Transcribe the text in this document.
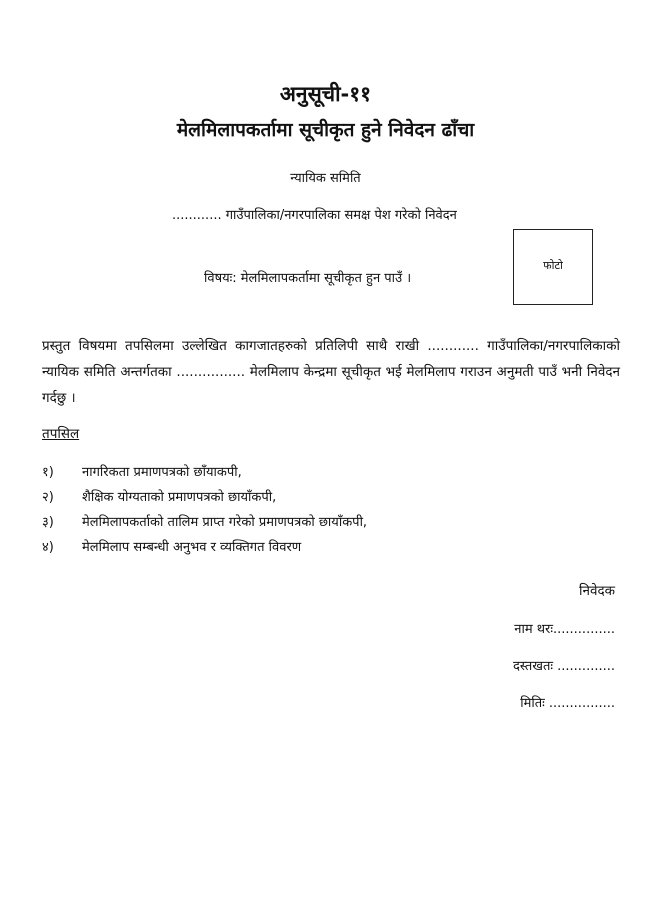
अनुसूची-११
मेलमिलापकर्तामा सूचीकृत हुने निवेदन ढाँचा
न्यायिक समिति
............ गाउँपालिका/नगरपालिका समक्ष पेश गरेको निवेदन
फोटो
विषयः: मेलमिलापकर्तामा सूचीकृत हुन पाउँ ।
प्रस्तुत विषयमा तपसिलमा उल्लेखित कागजातहरुको प्रतिलिपी साथै राखी ............ गाउँपालिका/नगरपालिकाको न्यायिक समिति अन्तर्गतका ................ मेलमिलाप केन्द्रमा सूचीकृत भई मेलमिलाप गराउन अनुमती पाउँ भनी निवेदन गर्दछु ।
तपसिल
१) नागरिकता प्रमाणपत्रको छाँयाकपी,
२) शैक्षिक योग्यताको प्रमाणपत्रको छायाँकपी,
३) मेलमिलापकर्ताको तालिम प्राप्त गरेको प्रमाणपत्रको छायाँकपी,
४) मेलमिलाप सम्बन्धी अनुभव र व्यक्तिगत विवरण
निवेदक
नाम थरः...............
दस्तखतः ..............
मितिः ................
